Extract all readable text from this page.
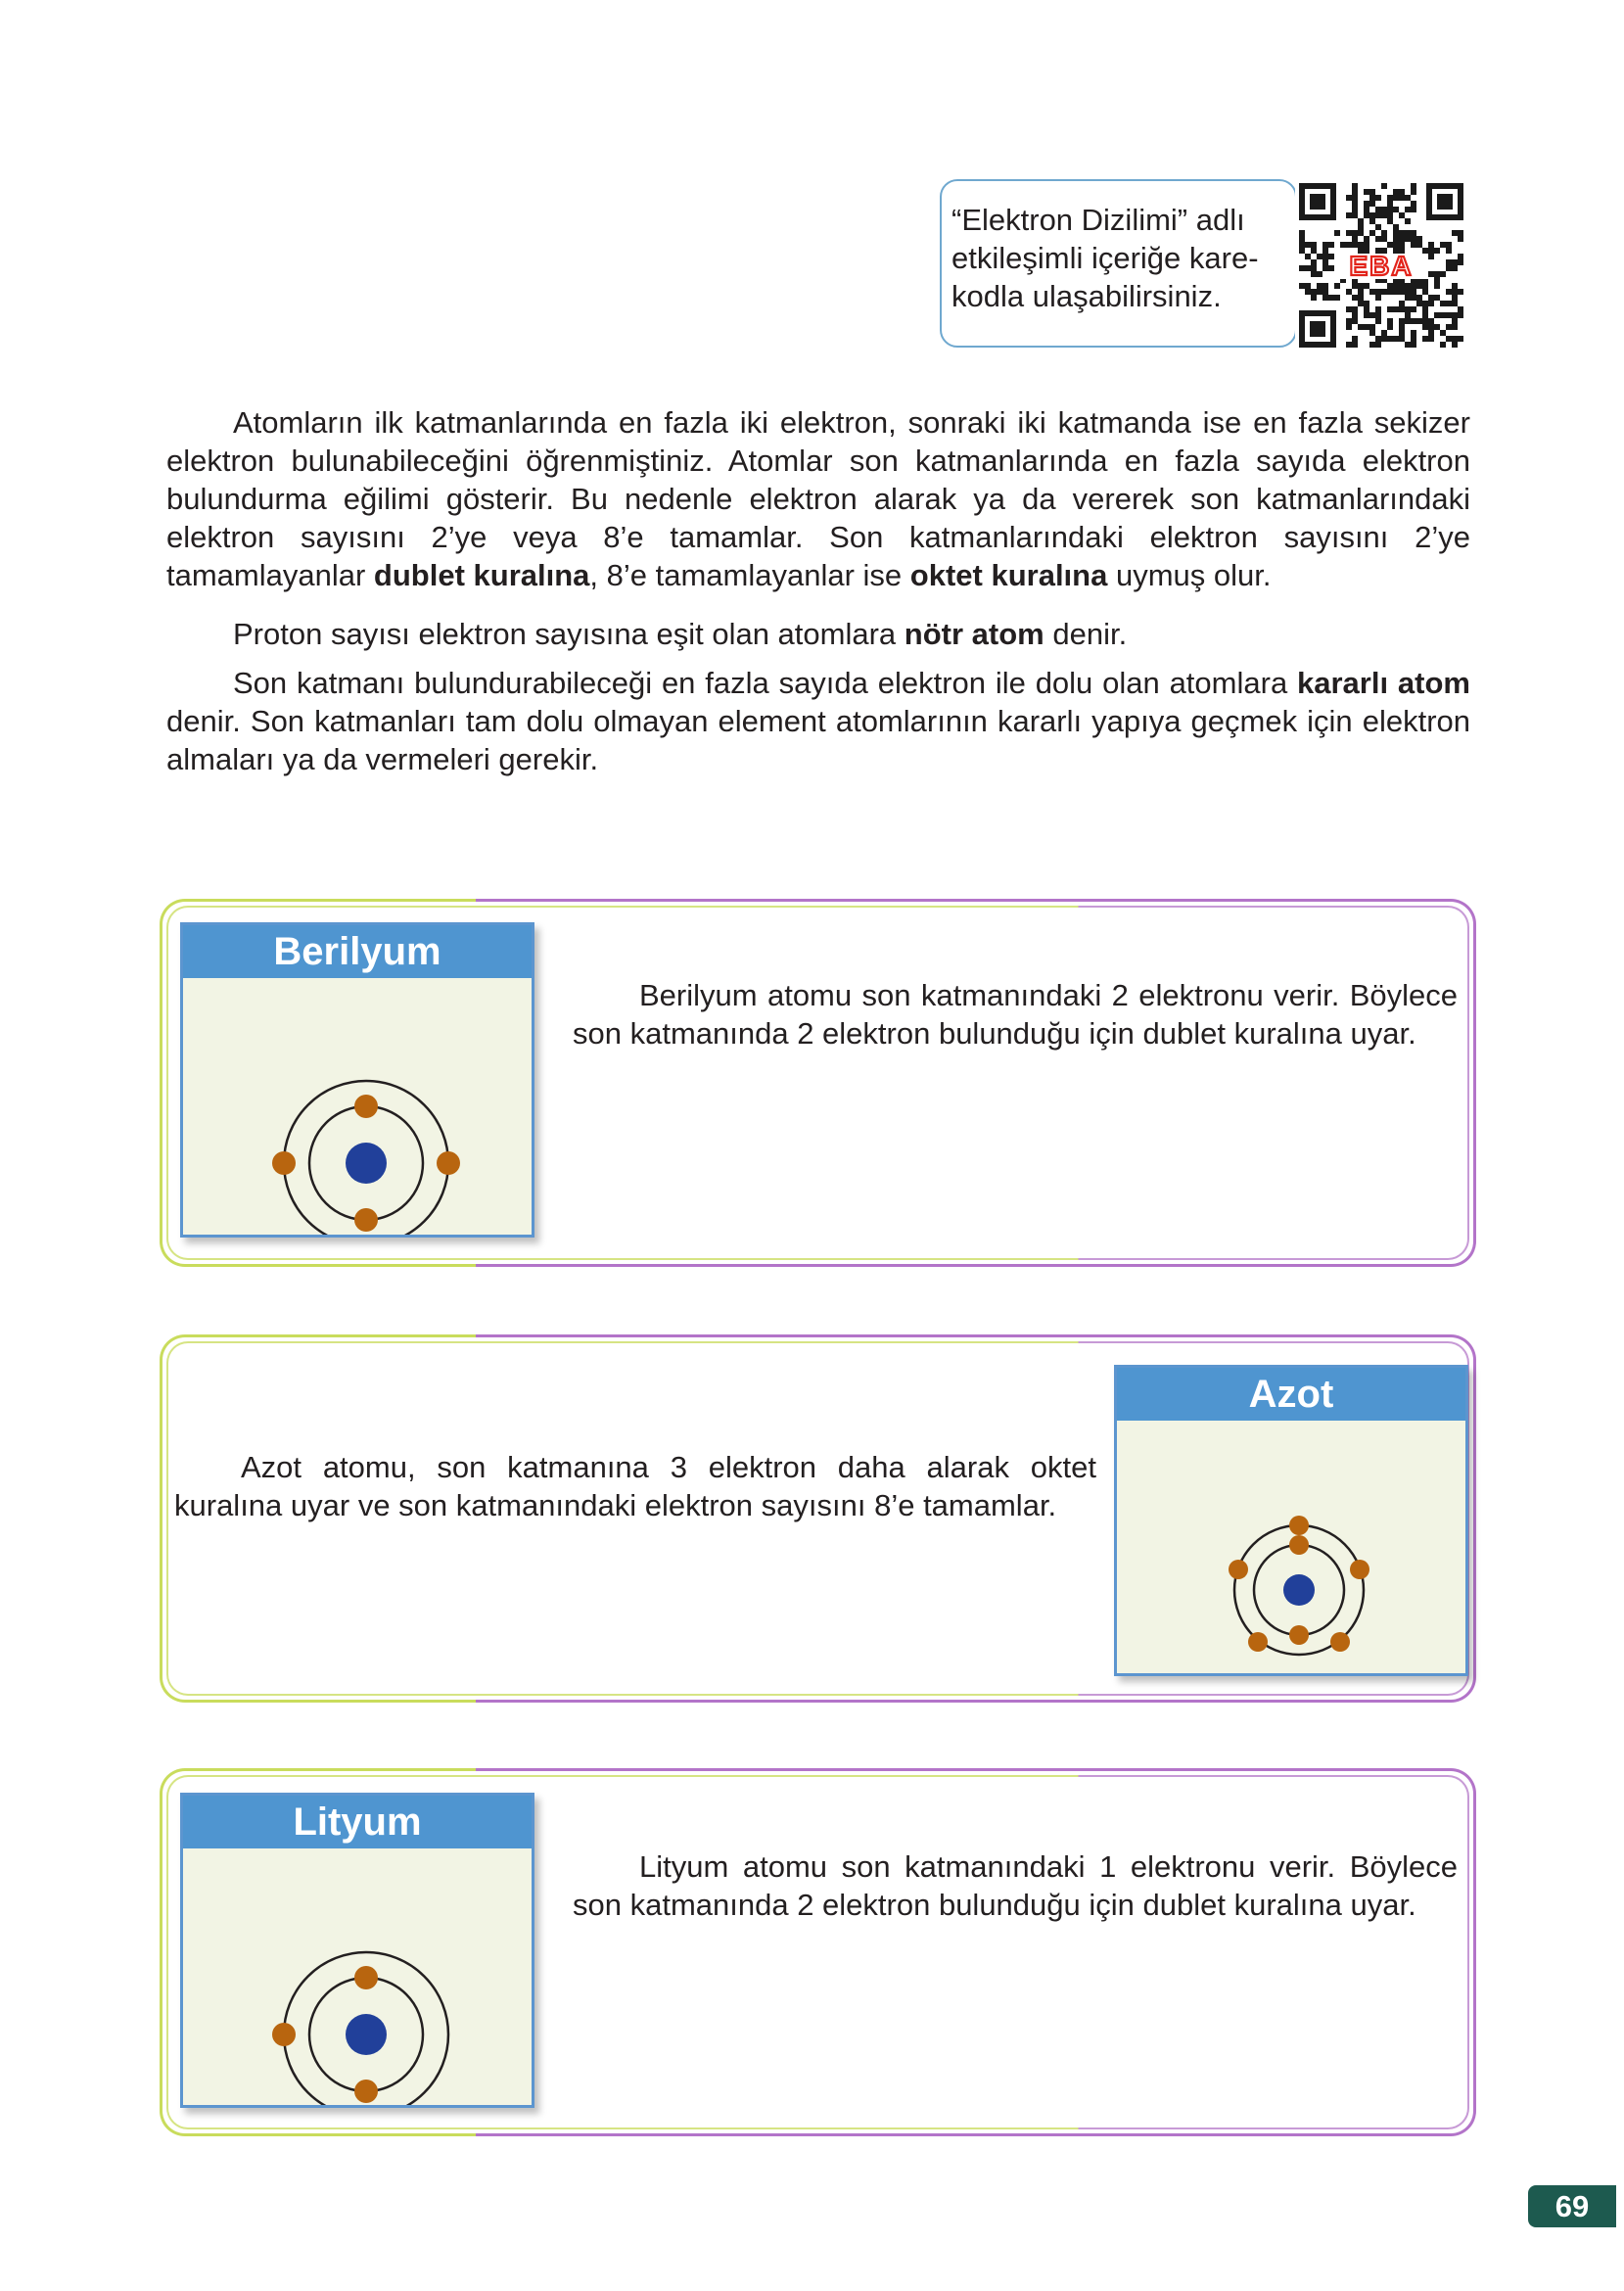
“Elektron Dizilimi” adlı
etkileşimli içeriğe kare-
kodla ulaşabilirsiniz.
EBA

Atomların ilk katmanlarında en fazla iki elektron, sonraki iki katmanda ise en fazla sekizer elektron bulunabileceğini öğrenmiştiniz. Atomlar son katmanlarında en fazla sayıda elektron bulundurma eğilimi gösterir. Bu nedenle elektron alarak ya da vererek son katmanlarındaki elektron sayısını 2’ye veya 8’e tamamlar. Son katmanlarındaki elektron sayısını 2’ye tamamlayanlar dublet kuralına, 8’e tamamlayanlar ise oktet kuralına uymuş olur.

Proton sayısı elektron sayısına eşit olan atomlara nötr atom denir.

Son katmanı bulundurabileceği en fazla sayıda elektron ile dolu olan atomlara kararlı atom denir. Son katmanları tam dolu olmayan element atomlarının kararlı yapıya geçmek için elektron almaları ya da vermeleri gerekir.

Berilyum
Berilyum atomu son katmanındaki 2 elektronu verir. Böylece son katmanında 2 elektron bulunduğu için dublet kuralına uyar.
Azot
Azot atomu, son katmanına 3 elektron daha alarak oktet kuralına uyar ve son katmanındaki elektron sayısını 8’e tamamlar.
Lityum
Lityum atomu son katmanındaki 1 elektronu verir. Böylece son katmanında 2 elektron bulunduğu için dublet kuralına uyar.
69
